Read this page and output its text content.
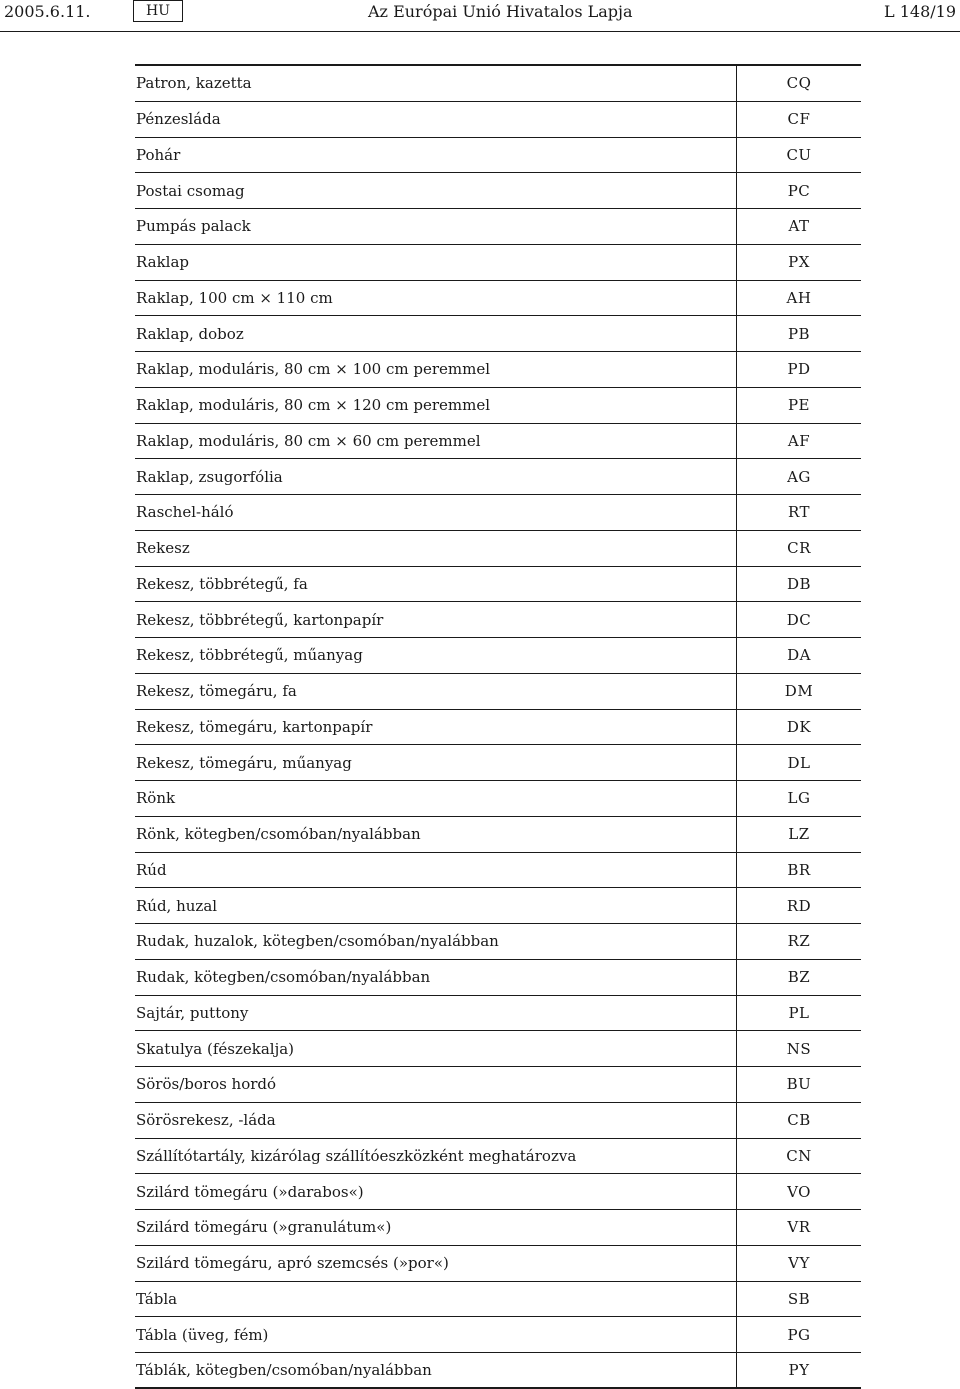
2005.6.11.	HU	Az Európai Unió Hivatalos Lapja	L 148/19
Patron, kazetta	CQ
Pénzesláda	CF
Pohár	CU
Postai csomag	PC
Pumpás palack	AT
Raklap	PX
Raklap, 100 cm × 110 cm	AH
Raklap, doboz	PB
Raklap, moduláris, 80 cm × 100 cm peremmel	PD
Raklap, moduláris, 80 cm × 120 cm peremmel	PE
Raklap, moduláris, 80 cm × 60 cm peremmel	AF
Raklap, zsugorfólia	AG
Raschel-háló	RT
Rekesz	CR
Rekesz, többrétegű, fa	DB
Rekesz, többrétegű, kartonpapír	DC
Rekesz, többrétegű, műanyag	DA
Rekesz, tömegáru, fa	DM
Rekesz, tömegáru, kartonpapír	DK
Rekesz, tömegáru, műanyag	DL
Rönk	LG
Rönk, kötegben/csomóban/nyalábban	LZ
Rúd	BR
Rúd, huzal	RD
Rudak, huzalok, kötegben/csomóban/nyalábban	RZ
Rudak, kötegben/csomóban/nyalábban	BZ
Sajtár, puttony	PL
Skatulya (fészekalja)	NS
Sörös/boros hordó	BU
Sörösrekesz, -láda	CB
Szállítótartály, kizárólag szállítóeszközként meghatározva	CN
Szilárd tömegáru (»darabos«)	VO
Szilárd tömegáru (»granulátum«)	VR
Szilárd tömegáru, apró szemcsés (»por«)	VY
Tábla	SB
Tábla (üveg, fém)	PG
Táblák, kötegben/csomóban/nyalábban	PY
